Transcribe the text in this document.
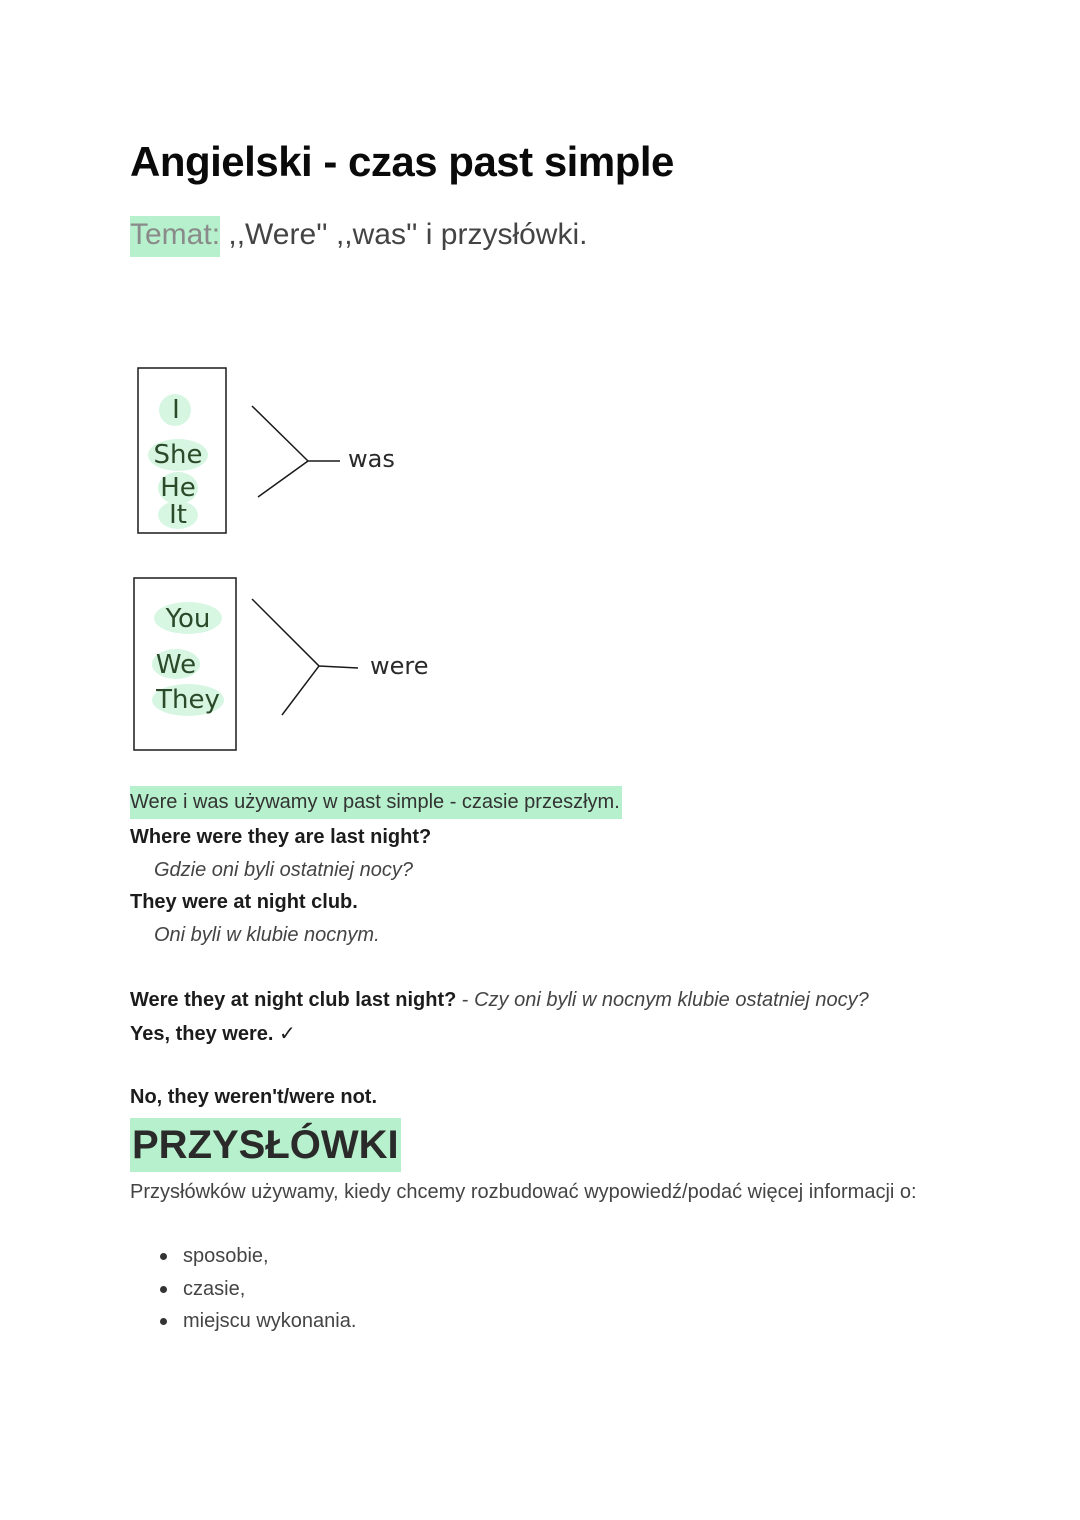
Angielski - czas past simple
Temat: ,,Were'' ,,was'' i przysłówki.
I
She
He
It
was
You
We
They
were
Were i was używamy w past simple - czasie przeszłym.
Where were they are last night?
Gdzie oni byli ostatniej nocy?
They were at night club.
Oni byli w klubie nocnym.
Were they at night club last night? - Czy oni byli w nocnym klubie ostatniej nocy?
Yes, they were. ✓
No, they weren't/were not.
PRZYSŁÓWKI
Przysłówków używamy, kiedy chcemy rozbudować wypowiedź/podać więcej informacji o:
sposobie,
czasie,
miejscu wykonania.
